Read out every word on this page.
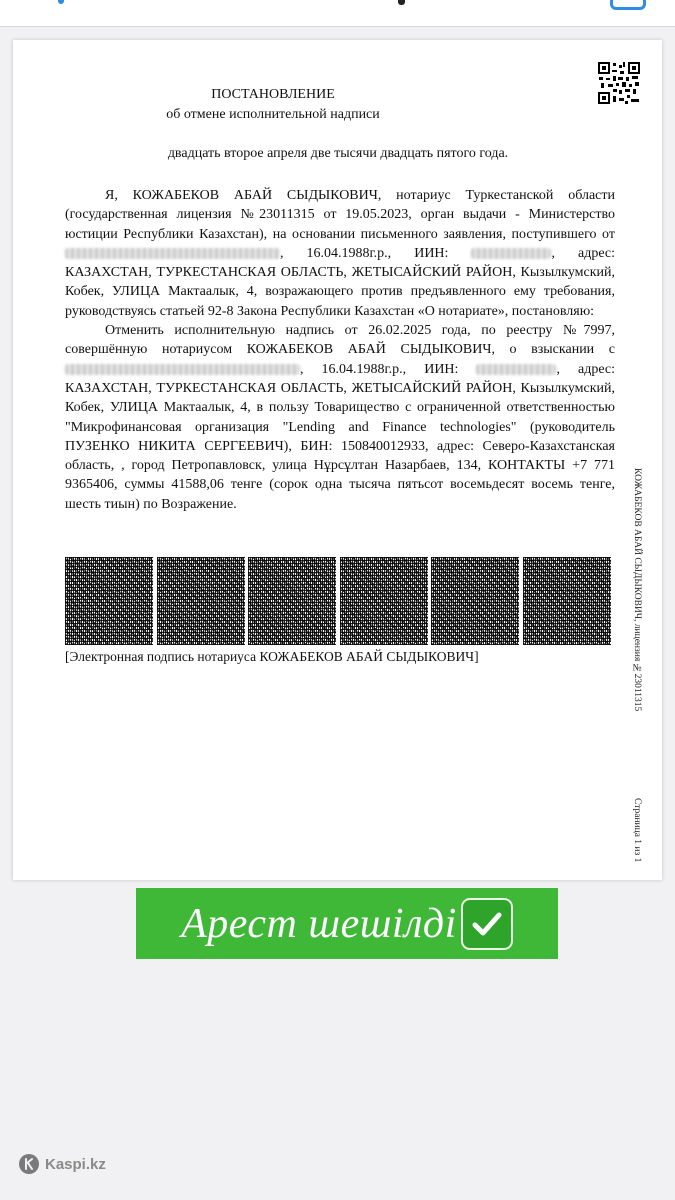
ПОСТАНОВЛЕНИЕ
об отмене исполнительной надписи
двадцать второе апреля две тысячи двадцать пятого года.

Я, КОЖАБЕКОВ АБАЙ СЫДЫКОВИЧ, нотариус Туркестанской области (государственная лицензия №23011315 от 19.05.2023, орган выдачи - Министерство юстиции Республики Казахстан), на основании письменного заявления, поступившего от , 16.04.1988г.р., ИИН:	, адрес: КАЗАХСТАН, ТУРКЕСТАНСКАЯ ОБЛАСТЬ, ЖЕТЫСАЙСКИЙ РАЙОН, Кызылкумский, Кобек, УЛИЦА Мактаалык, 4, возражающего против предъявленного ему требования, руководствуясь статьей 92-8 Закона Республики Казахстан «О нотариате», постановляю:

Отменить исполнительную надпись от 26.02.2025 года, по реестру №7997, совершённую нотариусом КОЖАБЕКОВ АБАЙ СЫДЫКОВИЧ, о взыскании с , 16.04.1988г.р., ИИН:	, адрес: КАЗАХСТАН, ТУРКЕСТАНСКАЯ ОБЛАСТЬ, ЖЕТЫСАЙСКИЙ РАЙОН, Кызылкумский, Кобек, УЛИЦА Мактаалык, 4, в пользу Товарищество с ограниченной ответственностью "Микрофинансовая организация "Lending and Finance technologies" (руководитель ПУЗЕНКО НИКИТА СЕРГЕЕВИЧ), БИН: 150840012933, адрес: Северо-Казахстанская область, , город Петропавловск, улица Нұрсұлтан Назарбаев, 134, КОНТАКТЫ +7 771 9365406, суммы 41588,06 тенге (сорок одна тысяча пятьсот восемьдесят восемь тенге, шесть тиын) по Возражение.

[Электронная подпись нотариуса КОЖАБЕКОВ АБАЙ СЫДЫКОВИЧ]	КОЖАБЕКОВ АБАЙ СЫДЫКОВИЧ, лицензия №23011315
Страница 1 из 1
Арест шешілді
Kaspi.kz
